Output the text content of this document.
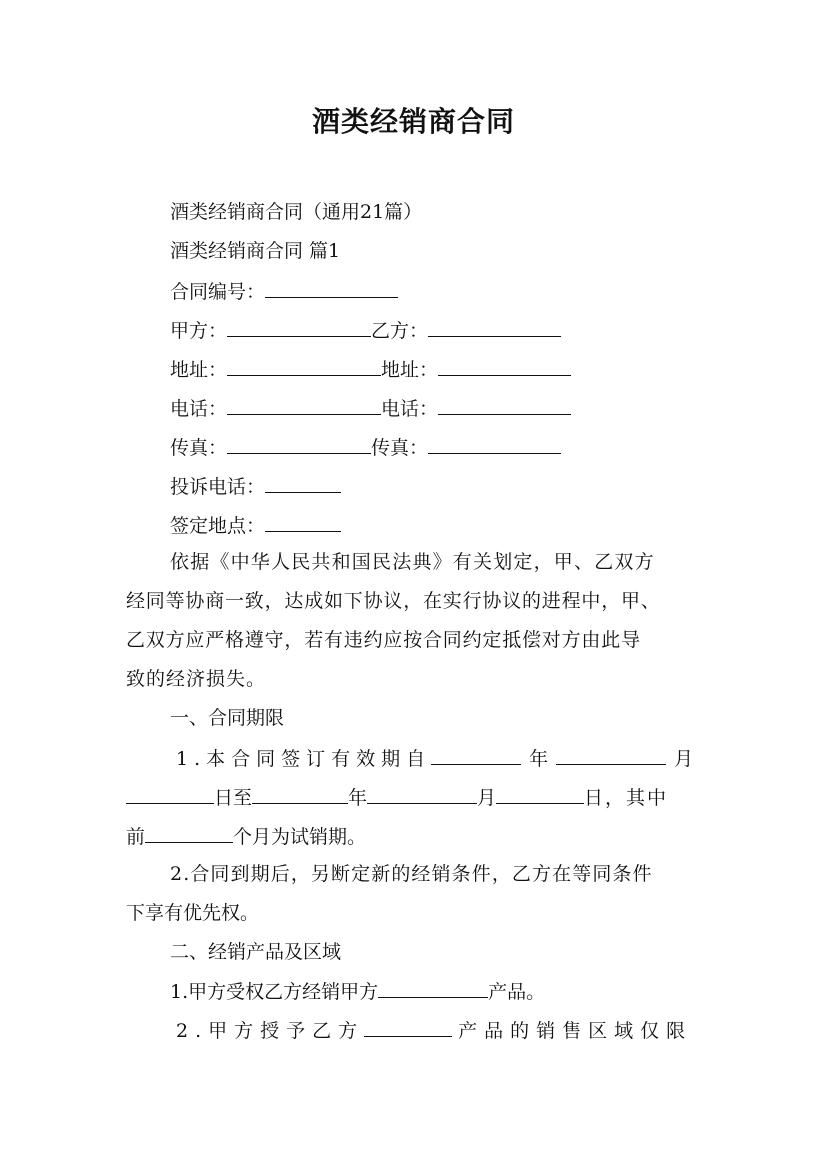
酒类经销商合同
酒类经销商合同（通用21篇）
酒类经销商合同 篇1
合同编号：
甲方：	乙方：
地址：	地址：
电话：	电话：
传真：	传真：
投诉电话：
签定地点：
依据《中华人民共和国民法典》有关划定，甲、乙双方
经同等协商一致，达成如下协议，在实行协议的进程中，甲、
乙双方应严格遵守，若有违约应按合同约定抵偿对方由此导
致的经济损失。
一、合同期限
1.本合同签订有效期自	年	月
日至	年	月	日，其中
前	个月为试销期。
2.合同到期后，另断定新的经销条件，乙方在等同条件
下享有优先权。
二、经销产品及区域
1.甲方受权乙方经销甲方	产品。
2.甲方授予乙方	产品的销售区域仅限
